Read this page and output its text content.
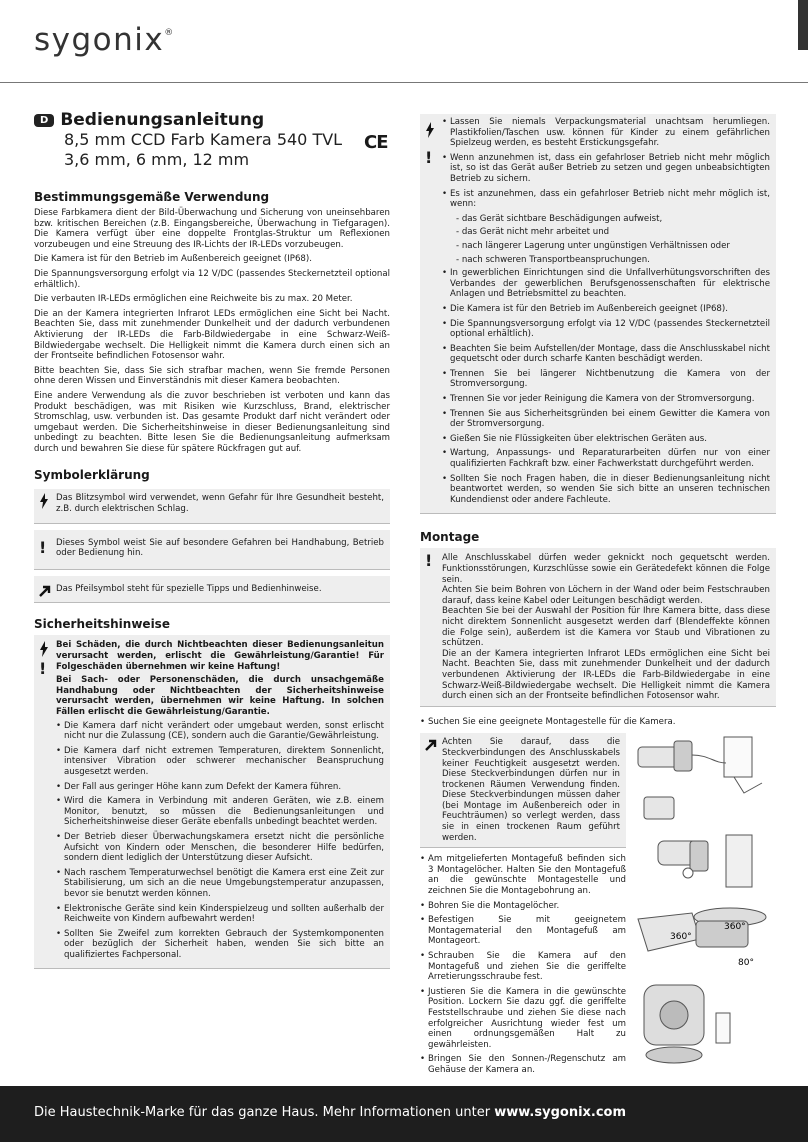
sygonix®
D Bedienungsanleitung
8,5 mm CCD Farb Kamera 540 TVL
3,6 mm, 6 mm, 12 mm
CE
Bestimmungsgemäße Verwendung

Diese Farbkamera dient der Bild-Überwachung und Sicherung von uneinsehbaren bzw. kritischen Bereichen (z.B. Eingangsbereiche, Überwachung in Tiefgaragen). Die Kamera verfügt über eine doppelte Frontglas-Struktur um Reflexionen vorzubeugen und eine Streuung des IR-Lichts der IR-LEDs vorzubeugen.

Die Kamera ist für den Betrieb im Außenbereich geeignet (IP68).

Die Spannungsversorgung erfolgt via 12 V/DC (passendes Steckernetzteil optional erhältlich).

Die verbauten IR-LEDs ermöglichen eine Reichweite bis zu max. 20 Meter.

Die an der Kamera integrierten Infrarot LEDs ermöglichen eine Sicht bei Nacht. Beachten Sie, dass mit zunehmender Dunkelheit und der dadurch verbundenen Aktivierung der IR-LEDs die Farb-Bildwiedergabe in eine Schwarz-Weiß-Bildwiedergabe wechselt. Die Helligkeit nimmt die Kamera durch einen sich an der Frontseite befindlichen Fotosensor wahr.

Bitte beachten Sie, dass Sie sich strafbar machen, wenn Sie fremde Personen ohne deren Wissen und Einverständnis mit dieser Kamera beobachten.

Eine andere Verwendung als die zuvor beschrieben ist verboten und kann das Produkt beschädigen, was mit Risiken wie Kurzschluss, Brand, elektrischer Stromschlag, usw. verbunden ist. Das gesamte Produkt darf nicht verändert oder umgebaut werden. Die Sicherheitshinweise in dieser Bedienungsanleitung sind unbedingt zu beachten. Bitte lesen Sie die Bedienungsanleitung aufmerksam durch und bewahren Sie diese für spätere Rückfragen gut auf.

Symbolerklärung

Das Blitzsymbol wird verwendet, wenn Gefahr für Ihre Gesundheit besteht, z.B. durch elektrischen Schlag.

! Dieses Symbol weist Sie auf besondere Gefahren bei Handhabung, Betrieb oder Bedienung hin.

Das Pfeilsymbol steht für spezielle Tipps und Bedienhinweise.

Sicherheitshinweise
!

Bei Schäden, die durch Nichtbeachten dieser Bedienungsanleitun verursacht werden, erlischt die Gewährleistung/Garantie! Für Folgeschäden übernehmen wir keine Haftung!

Bei Sach- oder Personenschäden, die durch unsachgemäße Handhabung oder Nichtbeachten der Sicherheitshinweise verursacht werden, übernehmen wir keine Haftung. In solchen Fällen erlischt die Gewährleistung/Garantie.

• Die Kamera darf nicht verändert oder umgebaut werden, sonst erlischt nicht nur die Zulassung (CE), sondern auch die Garantie/Gewährleistung.
• Die Kamera darf nicht extremen Temperaturen, direktem Sonnenlicht, intensiver Vibration oder schwerer mechanischer Beanspruchung ausgesetzt werden.
• Der Fall aus geringer Höhe kann zum Defekt der Kamera führen.
• Wird die Kamera in Verbindung mit anderen Geräten, wie z.B. einem Monitor, benutzt, so müssen die Bedienungsanleitungen und Sicherheitshinweise dieser Geräte ebenfalls unbedingt beachtet werden.
• Der Betrieb dieser Überwachungskamera ersetzt nicht die persönliche Aufsicht von Kindern oder Menschen, die besonderer Hilfe bedürfen, sondern dient lediglich der Unterstützung dieser Aufsicht.
• Nach raschem Temperaturwechsel benötigt die Kamera erst eine Zeit zur Stabilisierung, um sich an die neue Umgebungstemperatur anzupassen, bevor sie benutzt werden können.
• Elektronische Geräte sind kein Kinderspielzeug und sollten außerhalb der Reichweite von Kindern aufbewahrt werden!
• Sollten Sie Zweifel zum korrekten Gebrauch der Systemkomponenten oder bezüglich der Sicherheit haben, wenden Sie sich bitte an qualifiziertes Fachpersonal.
!
• Lassen Sie niemals Verpackungsmaterial unachtsam herumliegen. Plastikfolien/Taschen usw. können für Kinder zu einem gefährlichen Spielzeug werden, es besteht Erstickungsgefahr.
• Wenn anzunehmen ist, dass ein gefahrloser Betrieb nicht mehr möglich ist, so ist das Gerät außer Betrieb zu setzen und gegen unbeabsichtigten Betrieb zu sichern.
• Es ist anzunehmen, dass ein gefahrloser Betrieb nicht mehr möglich ist, wenn:
- das Gerät sichtbare Beschädigungen aufweist,
- das Gerät nicht mehr arbeitet und
- nach längerer Lagerung unter ungünstigen Verhältnissen oder
- nach schweren Transportbeanspruchungen.
• In gewerblichen Einrichtungen sind die Unfallverhütungsvorschriften des Verbandes der gewerblichen Berufsgenossenschaften für elektrische Anlagen und Betriebsmittel zu beachten.
• Die Kamera ist für den Betrieb im Außenbereich geeignet (IP68).
• Die Spannungsversorgung erfolgt via 12 V/DC (passendes Steckernetzteil optional erhältlich).
• Beachten Sie beim Aufstellen/der Montage, dass die Anschlusskabel nicht gequetscht oder durch scharfe Kanten beschädigt werden.
• Trennen Sie bei längerer Nichtbenutzung die Kamera von der Stromversorgung.
• Trennen Sie vor jeder Reinigung die Kamera von der Stromversorgung.
• Trennen Sie aus Sicherheitsgründen bei einem Gewitter die Kamera von der Stromversorgung.
• Gießen Sie nie Flüssigkeiten über elektrischen Geräten aus.
• Wartung, Anpassungs- und Reparaturarbeiten dürfen nur von einer qualifizierten Fachkraft bzw. einer Fachwerkstatt durchgeführt werden.
• Sollten Sie noch Fragen haben, die in dieser Bedienungsanleitung nicht beantwortet werden, so wenden Sie sich bitte an unseren technischen Kundendienst oder andere Fachleute.
Montage
! Alle Anschlusskabel dürfen weder geknickt noch gequetscht werden. Funktionsstörungen, Kurzschlüsse sowie ein Gerätedefekt können die Folge sein.

Achten Sie beim Bohren von Löchern in der Wand oder beim Festschrauben darauf, dass keine Kabel oder Leitungen beschädigt werden.

Beachten Sie bei der Auswahl der Position für Ihre Kamera bitte, dass diese nicht direktem Sonnenlicht ausgesetzt werden darf (Blendeffekte können die Folge sein), außerdem ist die Kamera vor Staub und Vibrationen zu schützen.

Die an der Kamera integrierten Infrarot LEDs ermöglichen eine Sicht bei Nacht. Beachten Sie, dass mit zunehmender Dunkelheit und der dadurch verbundenen Aktivierung der IR-LEDs die Farb-Bildwiedergabe in eine Schwarz-Weiß-Bildwiedergabe wechselt. Die Helligkeit nimmt die Kamera durch einen sich an der Frontseite befindlichen Fotosensor wahr.

• Suchen Sie eine geeignete Montagestelle für die Kamera.

Achten Sie darauf, dass die Steckverbindungen des Anschlusskabels keiner Feuchtigkeit ausgesetzt werden. Diese Steckverbindungen dürfen nur in trockenen Räumen Verwendung finden. Diese Steckverbindungen müssen daher (bei Montage im Außenbereich oder in Feuchträumen) so verlegt werden, dass sie in einen trockenen Raum geführt werden.

• Am mitgelieferten Montagefuß befinden sich 3 Montagelöcher. Halten Sie den Montagefuß an die gewünschte Montagestelle und zeichnen Sie die Montagebohrung an.
• Bohren Sie die Montagelöcher.
• Befestigen Sie mit geeignetem Montagematerial den Montagefuß am Montageort.
• Schrauben Sie die Kamera auf den Montagefuß und ziehen Sie die geriffelte Arretierungsschraube fest.
• Justieren Sie die Kamera in die gewünschte Position. Lockern Sie dazu ggf. die geriffelte Feststellschraube und ziehen Sie diese nach erfolgreicher Ausrichtung wieder fest um einen ordnungsgemäßen Halt zu gewährleisten.
• Bringen Sie den Sonnen-/Regenschutz am Gehäuse der Kamera an.
360°
360°
80°
Die Haustechnik-Marke für das ganze Haus. Mehr Informationen unter www.sygonix.com
